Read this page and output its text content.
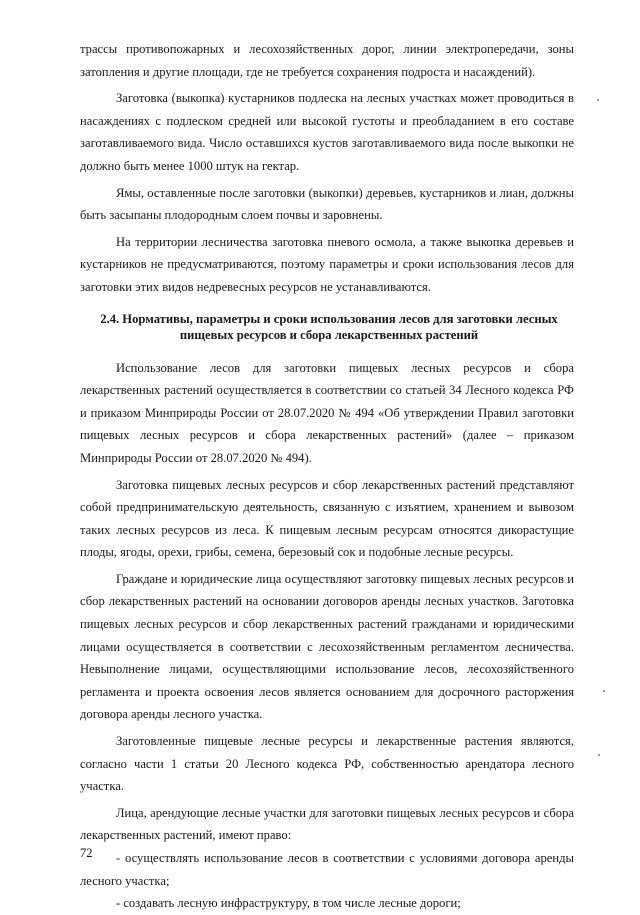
трассы противопожарных и лесохозяйственных дорог, линии электропередачи, зоны затопления и другие площади, где не требуется сохранения подроста и насаждений).

Заготовка (выкопка) кустарников подлеска на лесных участках может проводиться в насаждениях с подлеском средней или высокой густоты и преобладанием в его составе заготавливаемого вида. Число оставшихся кустов заготавливаемого вида после выкопки не должно быть менее 1000 штук на гектар.

Ямы, оставленные после заготовки (выкопки) деревьев, кустарников и лиан, должны быть засыпаны плодородным слоем почвы и заровнены.

На территории лесничества заготовка пневого осмола, а также выкопка деревьев и кустарников не предусматриваются, поэтому параметры и сроки использования лесов для заготовки этих видов недревесных ресурсов не устанавливаются.

2.4. Нормативы, параметры и сроки использования лесов для заготовки лесных
пищевых ресурсов и сбора лекарственных растений

Использование лесов для заготовки пищевых лесных ресурсов и сбора лекарственных растений осуществляется в соответствии со статьей 34 Лесного кодекса РФ и приказом Минприроды России от 28.07.2020 № 494 «Об утверждении Правил заготовки пищевых лесных ресурсов и сбора лекарственных растений» (далее – приказом Минприроды России от 28.07.2020 № 494).

Заготовка пищевых лесных ресурсов и сбор лекарственных растений представляют собой предпринимательскую деятельность, связанную с изъятием, хранением и вывозом таких лесных ресурсов из леса. К пищевым лесным ресурсам относятся дикорастущие плоды, ягоды, орехи, грибы, семена, березовый сок и подобные лесные ресурсы.

Граждане и юридические лица осуществляют заготовку пищевых лесных ресурсов и сбор лекарственных растений на основании договоров аренды лесных участков. Заготовка пищевых лесных ресурсов и сбор лекарственных растений гражданами и юридическими лицами осуществляется в соответствии с лесохозяйственным регламентом лесничества. Невыполнение лицами, осуществляющими использование лесов, лесохозяйственного регламента и проекта освоения лесов является основанием для досрочного расторжения договора аренды лесного участка.

Заготовленные пищевые лесные ресурсы и лекарственные растения являются, согласно части 1 статьи 20 Лесного кодекса РФ, собственностью арендатора лесного участка.

Лица, арендующие лесные участки для заготовки пищевых лесных ресурсов и сбора лекарственных растений, имеют право:

- осуществлять использование лесов в соответствии с условиями договора аренды лесного участка;

- создавать лесную инфраструктуру, в том числе лесные дороги;

72
